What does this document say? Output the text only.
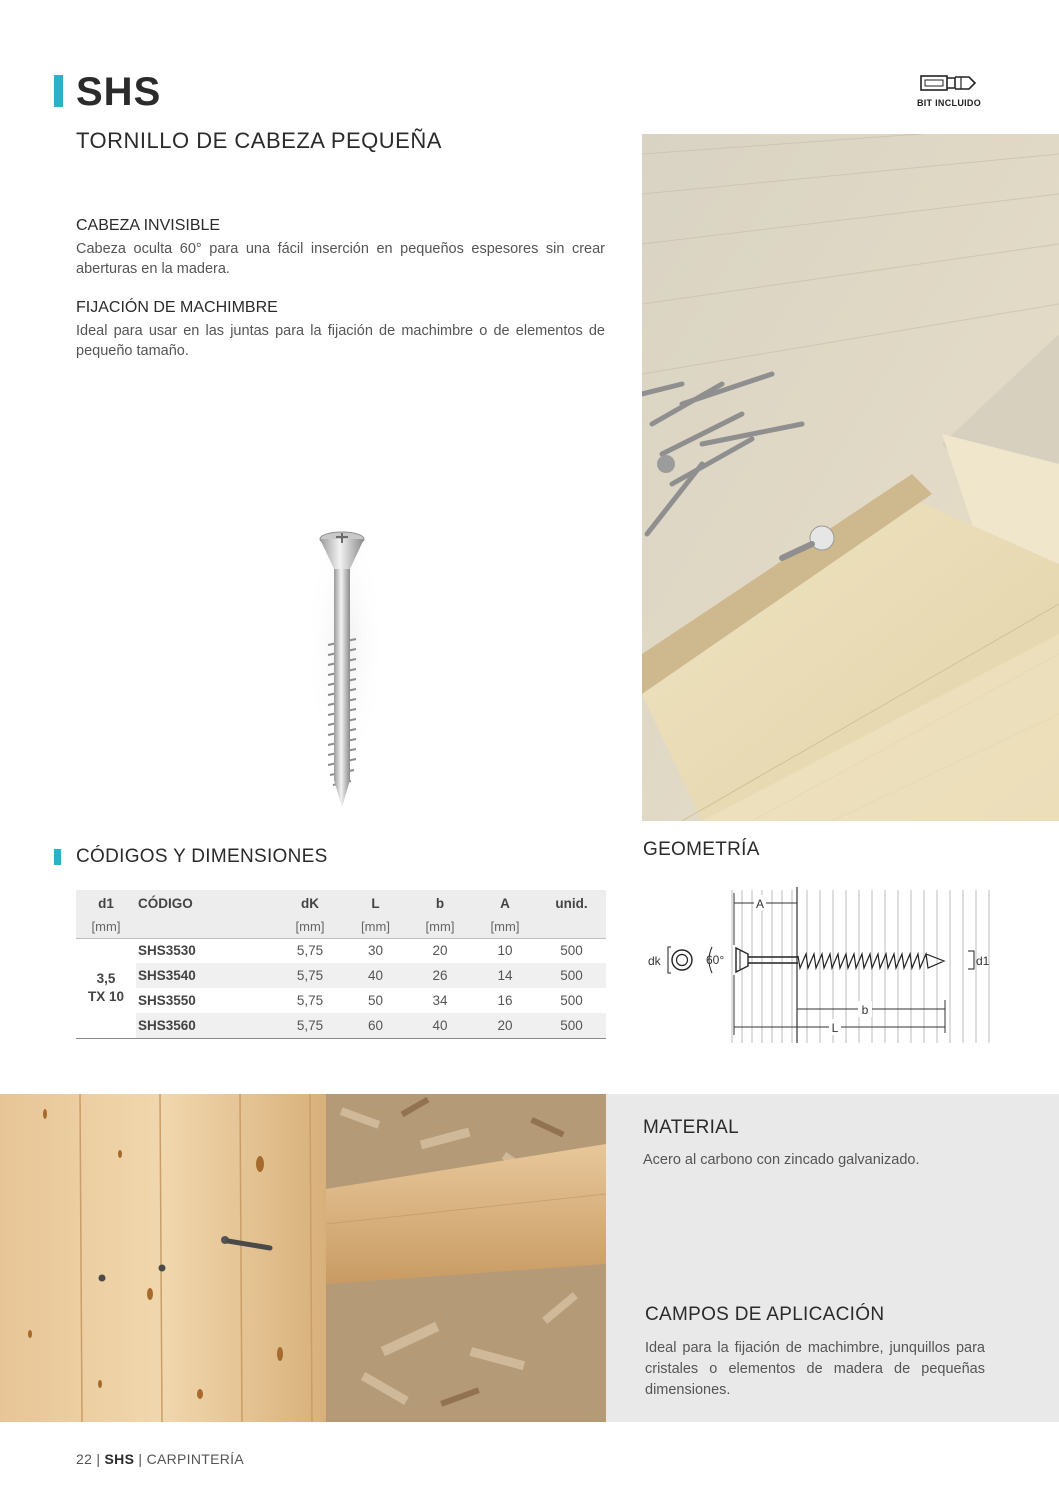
SHS
TORNILLO DE CABEZA PEQUEÑA
BIT INCLUIDO
CABEZA INVISIBLE
Cabeza oculta 60° para una fácil inserción en pequeños espesores sin crear aberturas en la madera.
FIJACIÓN DE MACHIMBRE
Ideal para usar en las juntas para la fijación de machimbre o de elementos de pequeño tamaño.
CÓDIGOS Y DIMENSIONES
d1	CÓDIGO	dK	L	b	A	unid.
[mm]		[mm]	[mm]	[mm]	[mm]	

3,5
TX 10	SHS3530	5,75	30	20	10	500
	SHS3540	5,75	40	26	14	500
	SHS3550	5,75	50	34	16	500
	SHS3560	5,75	60	40	20	500
GEOMETRÍA
A
dk	60°	d1
b
L
MATERIAL
Acero al carbono con zincado galvanizado.
CAMPOS DE APLICACIÓN
Ideal para la fijación de machimbre, junquillos para cristales o elementos de madera de pequeñas dimensiones.
22 | SHS | CARPINTERÍA
